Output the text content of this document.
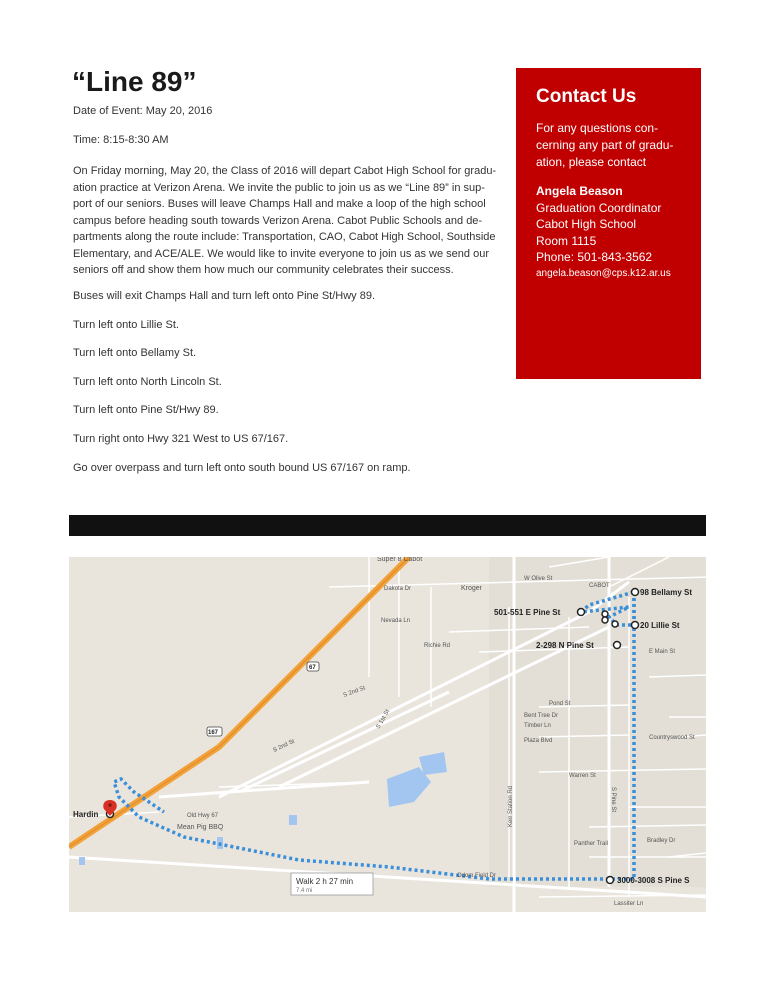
“Line 89”
Date of Event: May 20, 2016
Time: 8:15-8:30 AM

On Friday morning, May 20, the Class of 2016 will depart Cabot High School for gradu-
ation practice at Verizon Arena. We invite the public to join us as we “Line 89” in sup-
port of our seniors. Buses will leave Champs Hall and make a loop of the high school
campus before heading south towards Verizon Arena. Cabot Public Schools and de-
partments along the route include: Transportation, CAO, Cabot High School, Southside
Elementary, and ACE/ALE. We would like to invite everyone to join us as we send our
seniors off and show them how much our community celebrates their success.

Buses will exit Champs Hall and turn left onto Pine St/Hwy 89.
Turn left onto Lillie St.
Turn left onto Bellamy St.
Turn left onto North Lincoln St.
Turn left onto Pine St/Hwy 89.
Turn right onto Hwy 321 West to US 67/167.
Go over overpass and turn left onto south bound US 67/167 on ramp.
Contact Us

For any questions con-
cerning any part of gradu-
ation, please contact

Angela Beason
Graduation Coordinator
Cabot High School
Room 1115
Phone: 501-843-3562
angela.beason@cps.k12.ar.us
Super 8 Cabot
Kroger	CABOT
Mean Pig BBQ
Dakota Dr
Nevada Ln
Richie Rd
S 2nd St
S 2nd St
S 1st St
Old Hwy 67
E Main St
Pond St
Bent Tree Dr
Timber Ln
Plaza Blvd	Countryswood St
Warren St
Bradley Dr
Panther Trail
Odom Field Dr
Lassiter Ln
Kerr Station Rd	S Pine St
W Olive St
67
167
98 Bellamy St
501-551 E Pine St
20 Lillie St
2-298 N Pine St
3000-3008 S Pine S
Hardin
Walk 2 h 27 min
7.4 mi
